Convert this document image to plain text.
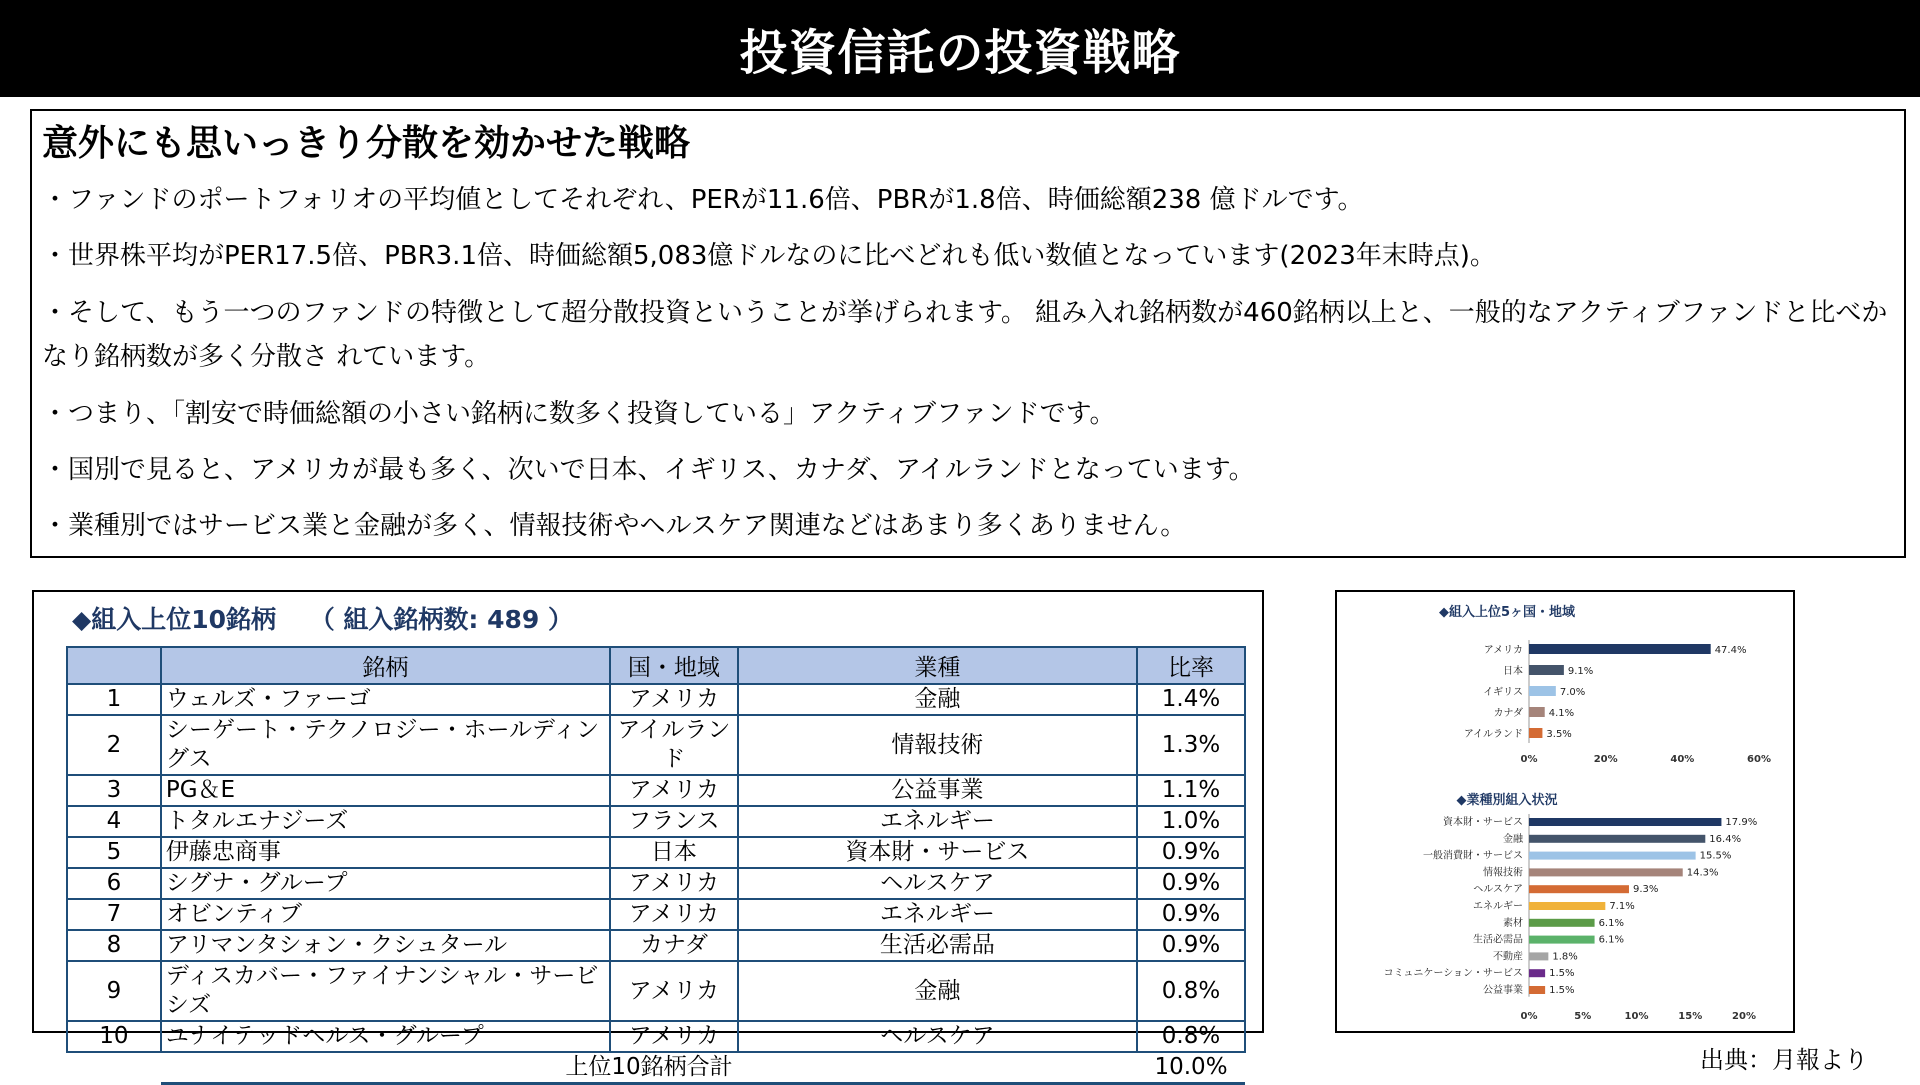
投資信託の投資戦略
意外にも思いっきり分散を効かせた戦略
・ファンドのポートフォリオの平均値としてそれぞれ、PERが11.6倍、PBRが1.8倍、時価総額238 億ドルです。
・世界株平均がPER17.5倍、PBR3.1倍、時価総額5,083億ドルなのに比べどれも低い数値となっています(2023年末時点)。
・そして、もう一つのファンドの特徴として超分散投資ということが挙げられます。 組み入れ銘柄数が460銘柄以上と、一般的なアクティブファンドと比べかなり銘柄数が多く分散さ れています。
・つまり、「割安で時価総額の小さい銘柄に数多く投資している」アクティブファンドです。
・国別で見ると、アメリカが最も多く、次いで日本、イギリス、カナダ、アイルランドとなっています。
・業種別ではサービス業と金融が多く、情報技術やヘルスケア関連などはあまり多くありません。
◆組入上位10銘柄　 （ 組入銘柄数: 489 ）
	銘柄	国・地域	業種	比率
1	ウェルズ・ファーゴ	アメリカ	金融	1.4%
2	シーゲート・テクノロジー・ホールディングス	アイルランド	情報技術	1.3%
3	PG＆E	アメリカ	公益事業	1.1%
4	トタルエナジーズ	フランス	エネルギー	1.0%
5	伊藤忠商事	日本	資本財・サービス	0.9%
6	シグナ・グループ	アメリカ	ヘルスケア	0.9%
7	オビンティブ	アメリカ	エネルギー	0.9%
8	アリマンタシォン・クシュタール	カナダ	生活必需品	0.9%
9	ディスカバー・ファイナンシャル・サービシズ	アメリカ	金融	0.8%
10	ユナイテッドヘルス・グループ	アメリカ	ヘルスケア	0.8%
	上位10銘柄合計			10.0%
◆組入上位5ヶ国・地域
0%	20%	40%	60%
アメリカ	47.4%
日本	9.1%
イギリス	7.0%
カナダ	4.1%
アイルランド 3.5%
◆業種別組入状況
0%	5%	10%	15%	20%
資本財・サービス	17.9%
金融	16.4%
一般消費財・サービス	15.5%
情報技術	14.3%
ヘルスケア	9.3%
エネルギー	7.1%
素材	6.1%
生活必需品	6.1%
不動産	1.8%
コミュニケーション・サービス	1.5%
公益事業	1.5%
出典：月報より
